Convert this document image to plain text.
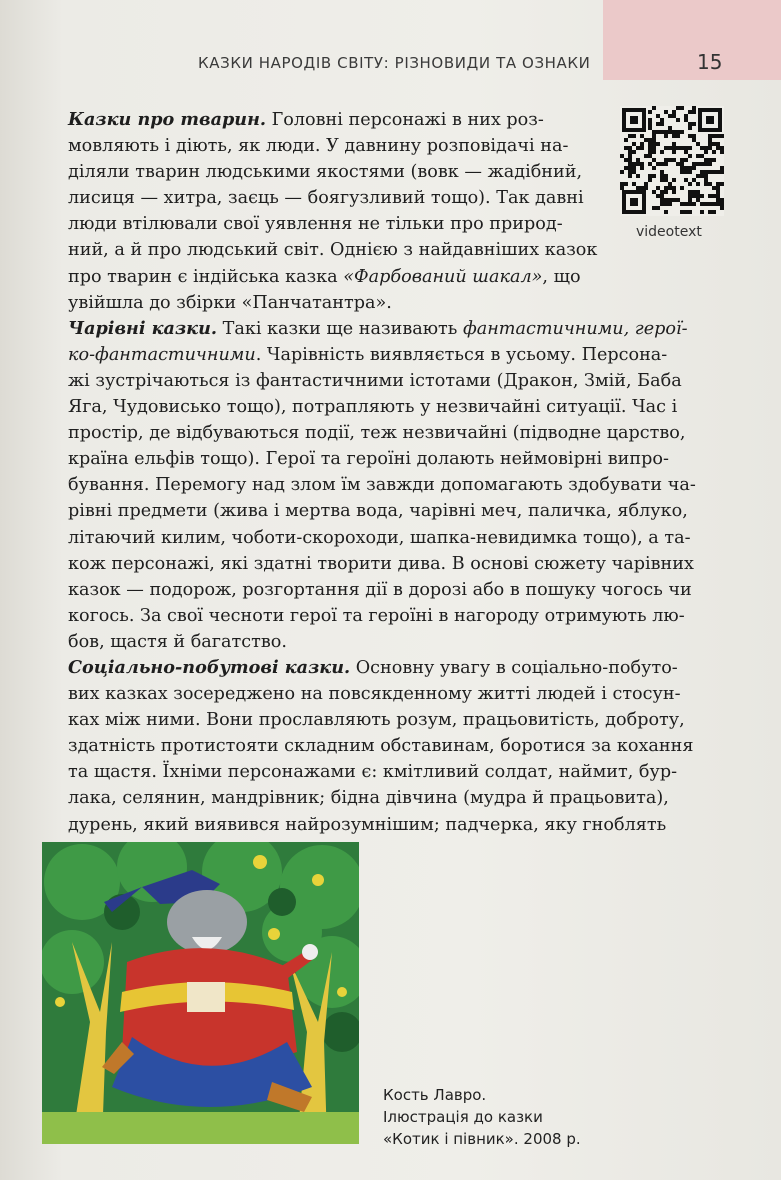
КАЗКИ НАРОДІВ СВІТУ: РІЗНОВИДИ ТА ОЗНАКИ	15
videotext

Казки про тварин. Головні персонажі в них роз-
мовляють і діють, як люди. У давнину розповідачі на-
діляли тварин людськими якостями (вовк — жадібний,
лисиця — хитра, заєць — боягузливий тощо). Так давні
люди втілювали свої уявлення не тільки про природ-
ний, а й про людський світ. Однією з найдавніших казок
про тварин є індійська казка «Фарбований шакал», що
увійшла до збірки «Панчатантра».

Чарівні казки. Такі казки ще називають фантастичними, герої-
ко-фантастичними. Чарівність виявляється в усьому. Персона-
жі зустрічаються із фантастичними істотами (Дракон, Змій, Баба
Яга, Чудовисько тощо), потрапляють у незвичайні ситуації. Час і
простір, де відбуваються події, теж незвичайні (підводне царство,
країна ельфів тощо). Герої та героїні долають неймовірні випро-
бування. Перемогу над злом їм завжди допомагають здобувати ча-
рівні предмети (жива і мертва вода, чарівні меч, паличка, яблуко,
літаючий килим, чоботи-скороходи, шапка-невидимка тощо), а та-
кож персонажі, які здатні творити дива. В основі сюжету чарівних
казок — подорож, розгортання дії в дорозі або в пошуку чогось чи
когось. За свої чесноти герої та героїні в нагороду отримують лю-
бов, щастя й багатство.

Соціально-побутові казки. Основну увагу в соціально-побуто-
вих казках зосереджено на повсякденному житті людей і стосун-
ках між ними. Вони прославляють розум, працьовитість, доброту,
здатність протистояти складним обставинам, боротися за кохання
та щастя. Їхніми персонажами є: кмітливий солдат, наймит, бур-
лака, селянин, мандрівник; бідна дівчина (мудра й працьовита),
дурень, який виявився найрозумнішим; падчерка, яку гноблять

Кость Лавро.
Ілюстрація до казки
«Котик і півник». 2008 р.
